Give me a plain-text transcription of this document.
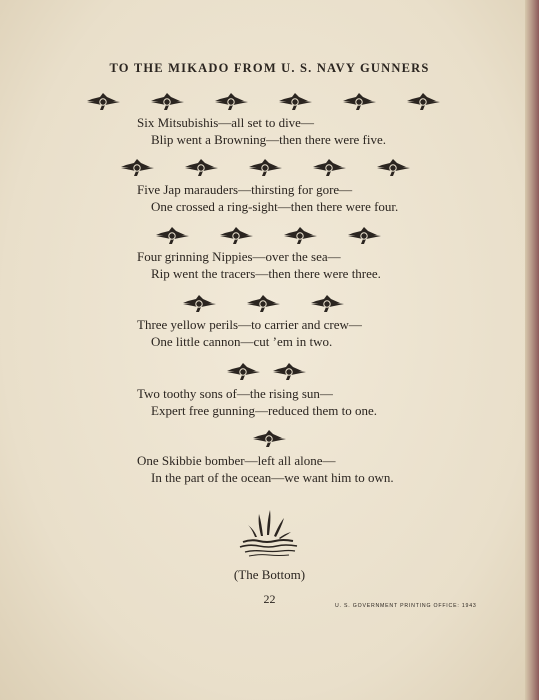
TO THE MIKADO FROM U. S. NAVY GUNNERS
Six Mitsubishis—all set to dive—
Blip went a Browning—then there were five.
Five Jap marauders—thirsting for gore—
One crossed a ring-sight—then there were four.
Four grinning Nippies—over the sea—
Rip went the tracers—then there were three.
Three yellow perils—to carrier and crew—
One little cannon—cut ’em in two.
Two toothy sons of—the rising sun—
Expert free gunning—reduced them to one.
One Skibbie bomber—left all alone—
In the part of the ocean—we want him to own.
(The Bottom)
22	U. S. GOVERNMENT PRINTING OFFICE: 1943
